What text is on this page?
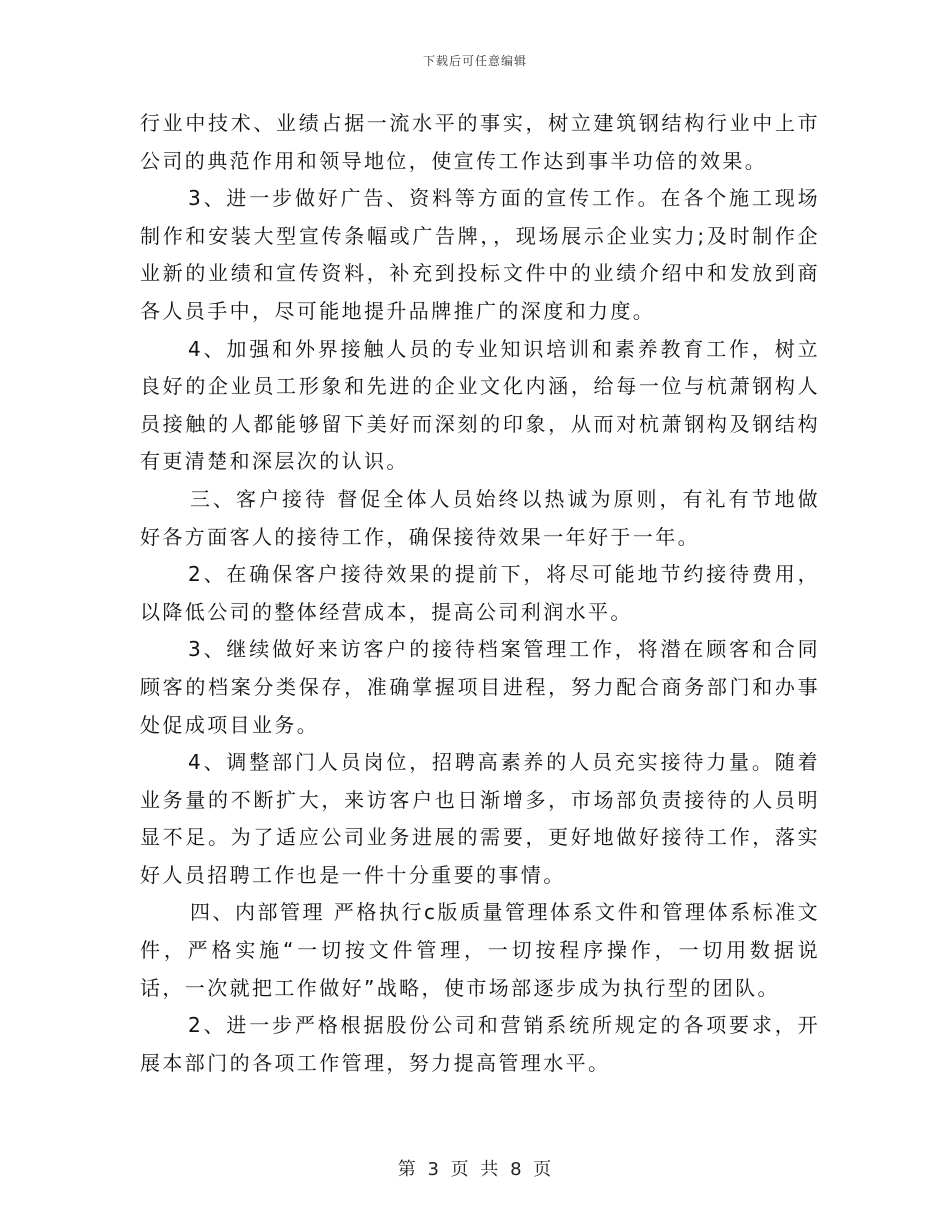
下载后可任意编辑

行业中技术、业绩占据一流水平的事实，树立建筑钢结构行业中上市公司的典范作用和领导地位，使宣传工作达到事半功倍的效果。

3、进一步做好广告、资料等方面的宣传工作。在各个施工现场制作和安装大型宣传条幅或广告牌，，现场展示企业实力;及时制作企业新的业绩和宣传资料，补充到投标文件中的业绩介绍中和发放到商各人员手中，尽可能地提升品牌推广的深度和力度。

4、加强和外界接触人员的专业知识培训和素养教育工作，树立良好的企业员工形象和先进的企业文化内涵，给每一位与杭萧钢构人员接触的人都能够留下美好而深刻的印象，从而对杭萧钢构及钢结构有更清楚和深层次的认识。

三、客户接待 督促全体人员始终以热诚为原则，有礼有节地做好各方面客人的接待工作，确保接待效果一年好于一年。

2、在确保客户接待效果的提前下，将尽可能地节约接待费用，以降低公司的整体经营成本，提高公司利润水平。

3、继续做好来访客户的接待档案管理工作，将潜在顾客和合同顾客的档案分类保存，准确掌握项目进程，努力配合商务部门和办事处促成项目业务。

4、调整部门人员岗位，招聘高素养的人员充实接待力量。随着业务量的不断扩大，来访客户也日渐增多，市场部负责接待的人员明显不足。为了适应公司业务进展的需要，更好地做好接待工作，落实好人员招聘工作也是一件十分重要的事情。

四、内部管理 严格执行c版质量管理体系文件和管理体系标准文件，严格实施“一切按文件管理，一切按程序操作，一切用数据说话，一次就把工作做好”战略，使市场部逐步成为执行型的团队。

2、进一步严格根据股份公司和营销系统所规定的各项要求，开展本部门的各项工作管理，努力提高管理水平。

第 3 页 共 8 页
